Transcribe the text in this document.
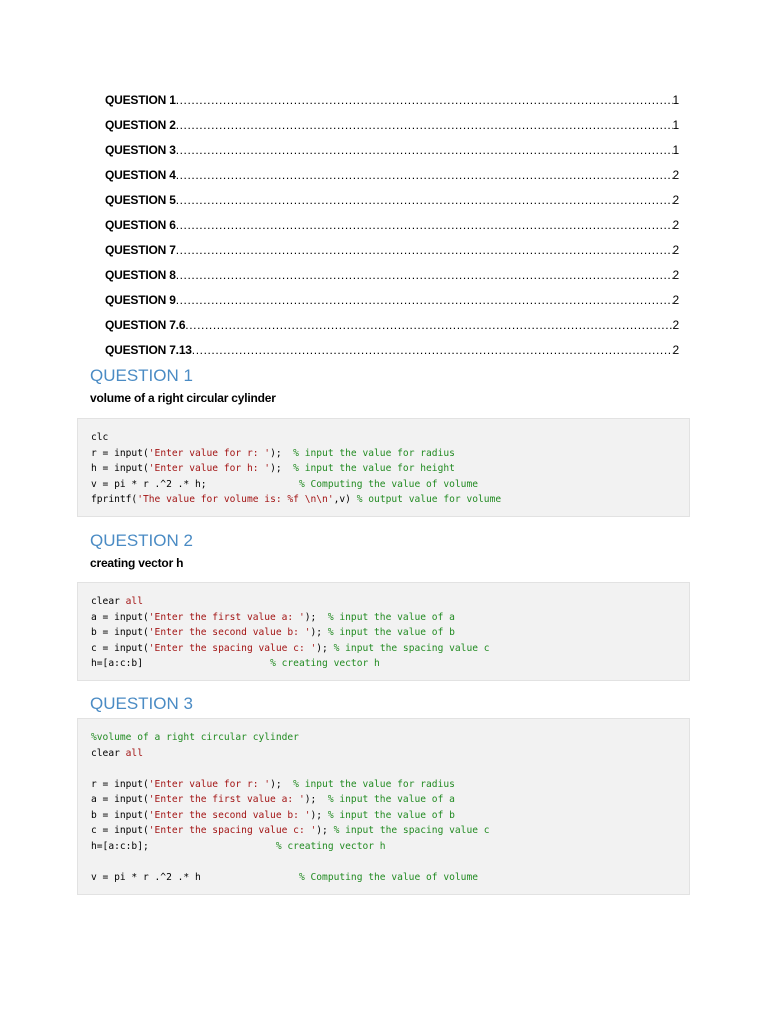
QUESTION 1 .....	1
QUESTION 2 .....	1
QUESTION 3 .....	1
QUESTION 4 .....	2
QUESTION 5 .....	2
QUESTION 6 .....	2
QUESTION 7 .....	2
QUESTION 8 .....	2
QUESTION 9 .....	2
QUESTION 7.6 .....	2
QUESTION 7.13 .....	2
QUESTION 1

volume of a right circular cylinder

clc
r = input('Enter value for r: ');  % input the value for radius
h = input('Enter value for h: ');  % input the value for height
v = pi * r .^2 .* h;                % Computing the value of volume
fprintf('The value for volume is: %f \n\n',v) % output value for volume
QUESTION 2

creating vector h

clear all
a = input('Enter the first value a: ');  % input the value of a
b = input('Enter the second value b: '); % input the value of b
c = input('Enter the spacing value c: '); % input the spacing value c
h=[a:c:b]                      % creating vector h
QUESTION 3
%volume of a right circular cylinder
clear all

r = input('Enter value for r: ');  % input the value for radius
a = input('Enter the first value a: ');  % input the value of a
b = input('Enter the second value b: '); % input the value of b
c = input('Enter the spacing value c: '); % input the spacing value c
h=[a:c:b];                      % creating vector h

v = pi * r .^2 .* h                 % Computing the value of volume
